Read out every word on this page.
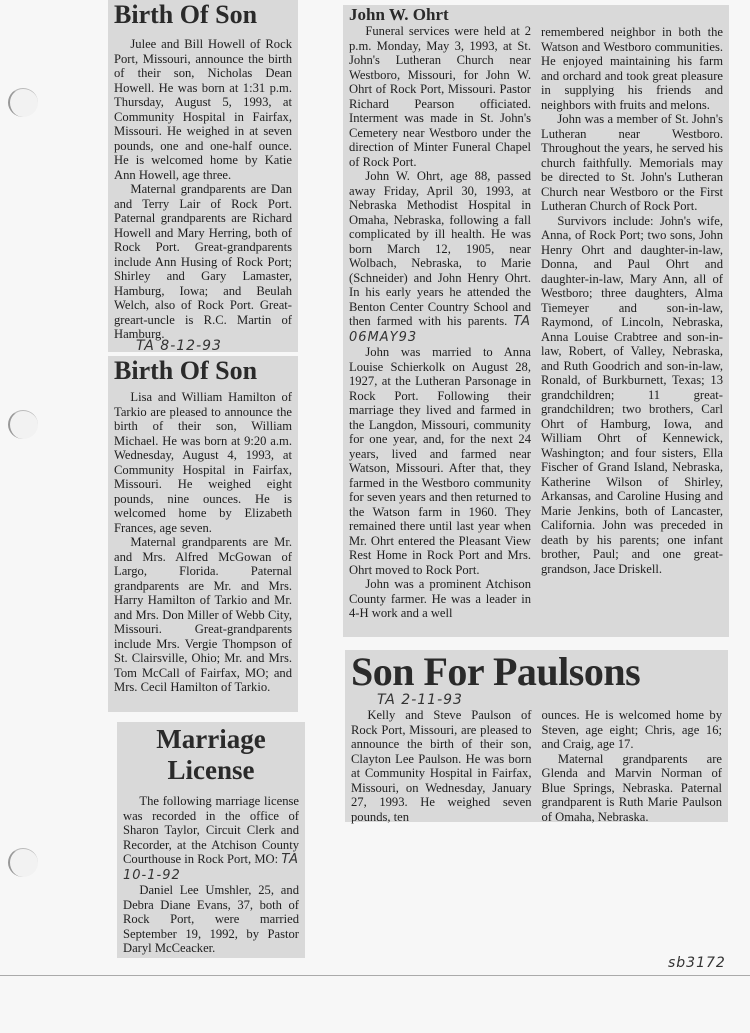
Birth Of Son

Julee and Bill Howell of Rock Port, Missouri, announce the birth of their son, Nicholas Dean Howell. He was born at 1:31 p.m. Thursday, August 5, 1993, at Community Hospital in Fairfax, Missouri. He weighed in at seven pounds, one and one-half ounce. He is welcomed home by Katie Ann Howell, age three.

Maternal grandparents are Dan and Terry Lair of Rock Port. Paternal grandparents are Richard Howell and Mary Herring, both of Rock Port. Great-grandparents include Ann Husing of Rock Port; Shirley and Gary Lamaster, Hamburg, Iowa; and Beulah Welch, also of Rock Port. Great-greart-uncle is R.C. Martin of Hamburg.

TA 8-12-93
Birth Of Son

Lisa and William Hamilton of Tarkio are pleased to announce the birth of their son, William Michael. He was born at 9:20 a.m. Wednesday, August 4, 1993, at Community Hospital in Fairfax, Missouri. He weighed eight pounds, nine ounces. He is welcomed home by Elizabeth Frances, age seven.

Maternal grandparents are Mr. and Mrs. Alfred McGowan of Largo, Florida. Paternal grandparents are Mr. and Mrs. Harry Hamilton of Tarkio and Mr. and Mrs. Don Miller of Webb City, Missouri. Great-grandparents include Mrs. Vergie Thompson of St. Clairsville, Ohio; Mr. and Mrs. Tom McCall of Fairfax, MO; and Mrs. Cecil Hamilton of Tarkio.

Marriage
License

The following marriage license was recorded in the office of Sharon Taylor, Circuit Clerk and Recorder, at the Atchison County Courthouse in Rock Port, MO: TA 10-1-92

Daniel Lee Umshler, 25, and Debra Diane Evans, 37, both of Rock Port, were married September 19, 1992, by Pastor Daryl McCeacker.

John W. Ohrt

Funeral services were held at 2 p.m. Monday, May 3, 1993, at St. John's Lutheran Church near Westboro, Missouri, for John W. Ohrt of Rock Port, Missouri. Pastor Richard Pearson officiated. Interment was made in St. John's Cemetery near Westboro under the direction of Minter Funeral Chapel of Rock Port.

John W. Ohrt, age 88, passed away Friday, April 30, 1993, at Nebraska Methodist Hospital in Omaha, Nebraska, following a fall complicated by ill health. He was born March 12, 1905, near Wolbach, Nebraska, to Marie (Schneider) and John Henry Ohrt. In his early years he attended the Benton Center Country School and then farmed with his parents. TA 06MAY93

John was married to Anna Louise Schierkolk on August 28, 1927, at the Lutheran Parsonage in Rock Port. Following their marriage they lived and farmed in the Langdon, Missouri, community for one year, and, for the next 24 years, lived and farmed near Watson, Missouri. After that, they farmed in the Westboro community for seven years and then returned to the Watson farm in 1960. They remained there until last year when Mr. Ohrt entered the Pleasant View Rest Home in Rock Port and Mrs. Ohrt moved to Rock Port.

John was a prominent Atchison County farmer. He was a leader in 4-H work and a well

remembered neighbor in both the Watson and Westboro communities. He enjoyed maintaining his farm and orchard and took great pleasure in supplying his friends and neighbors with fruits and melons.

John was a member of St. John's Lutheran near Westboro. Throughout the years, he served his church faithfully. Memorials may be directed to St. John's Lutheran Church near Westboro or the First Lutheran Church of Rock Port.

Survivors include: John's wife, Anna, of Rock Port; two sons, John Henry Ohrt and daughter-in-law, Donna, and Paul Ohrt and daughter-in-law, Mary Ann, all of Westboro; three daughters, Alma Tiemeyer and son-in-law, Raymond, of Lincoln, Nebraska, Anna Louise Crabtree and son-in-law, Robert, of Valley, Nebraska, and Ruth Goodrich and son-in-law, Ronald, of Burkburnett, Texas; 13 grandchildren; 11 great-grandchildren; two brothers, Carl Ohrt of Hamburg, Iowa, and William Ohrt of Kennewick, Washington; and four sisters, Ella Fischer of Grand Island, Nebraska, Katherine Wilson of Shirley, Arkansas, and Caroline Husing and Marie Jenkins, both of Lancaster, California. John was preceded in death by his parents; one infant brother, Paul; and one great-grandson, Jace Driskell.

Son For Paulsons
TA 2-11-93

Kelly and Steve Paulson of Rock Port, Missouri, are pleased to announce the birth of their son, Clayton Lee Paulson. He was born at Community Hospital in Fairfax, Missouri, on Wednesday, January 27, 1993. He weighed seven pounds, ten

ounces. He is welcomed home by Steven, age eight; Chris, age 16; and Craig, age 17.

Maternal grandparents are Glenda and Marvin Norman of Blue Springs, Nebraska. Paternal grandparent is Ruth Marie Paulson of Omaha, Nebraska.

sb3172
